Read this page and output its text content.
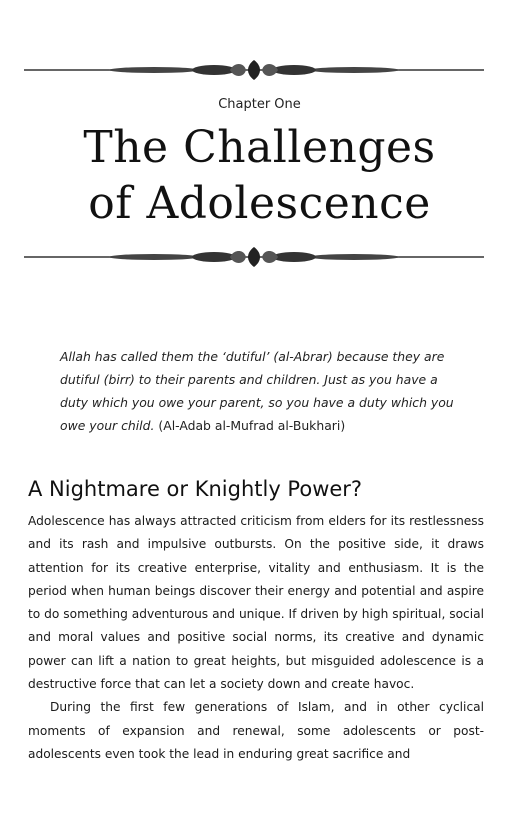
Chapter One
The Challenges
of Adolescence
Allah has called them the ‘dutiful’ (al-Abrar) because they are dutiful (birr) to their parents and children. Just as you have a duty which you owe your parent, so you have a duty which you owe your child. (Al-Adab al-Mufrad al-Bukhari)
A Nightmare or Knightly Power?

Adolescence has always attracted criticism from elders for its restlessness and its rash and impulsive outbursts. On the positive side, it draws attention for its creative enterprise, vitality and enthusiasm. It is the period when human beings discover their energy and potential and aspire to do something adventurous and unique. If driven by high spiritual, social and moral values and positive social norms, its creative and dynamic power can lift a nation to great heights, but misguided adolescence is a destructive force that can let a society down and create havoc.

During the first few generations of Islam, and in other cyclical moments of expansion and renewal, some adolescents or post-adolescents even took the lead in enduring great sacrifice and
